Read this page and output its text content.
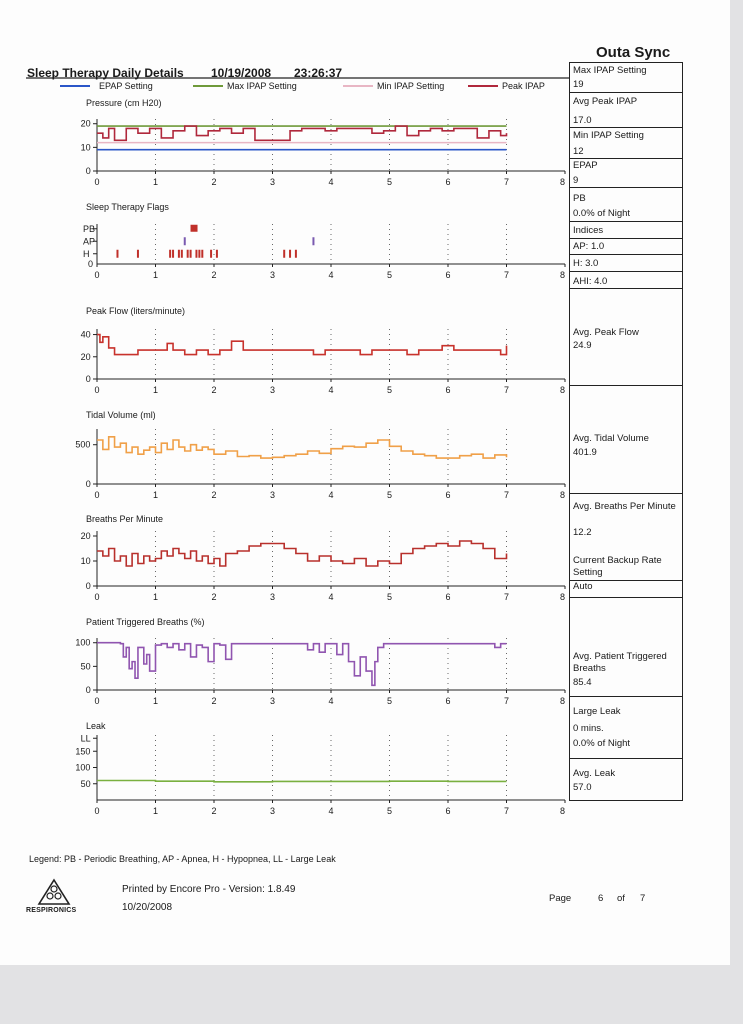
Outa Sync
Sleep Therapy Daily Details 10/19/2008 23:26:37
EPAP Setting	Max IPAP Setting	Min IPAP Setting	Peak IPAP
Pressure (cm H20)
0	1	2	3	4	5	6	7	8
0
10
20
Sleep Therapy Flags
0	1	2	3	4	5	6	7	8
PB
AP
H
0
Peak Flow (liters/minute)
0	1	2	3	4	5	6	7	8
0
20
40
Tidal Volume (ml)
0	1	2	3	4	5	6	7	8
0
500
Breaths Per Minute
0	1	2	3	4	5	6	7	8
0
10
20
Patient Triggered Breaths (%)
0	1	2	3	4	5	6	7	8
0
50
100
Leak
0	1	2	3	4	5	6	7	8
50
100
150
LL
Max IPAP Setting
19
Avg Peak IPAP
17.0
Min IPAP Setting
12
EPAP
9
PB
0.0% of Night
Indices
AP: 1.0
H: 3.0
AHI: 4.0
Avg. Peak Flow
24.9
Avg. Tidal Volume
401.9
Avg. Breaths Per Minute
12.2
Current Backup Rate Setting
Auto
Avg. Patient Triggered Breaths
85.4
Large Leak
0 mins.
0.0% of Night
Avg. Leak
57.0
Legend: PB - Periodic Breathing, AP - Apnea, H - Hypopnea, LL - Large Leak
RESPIRONICS
Printed by Encore Pro - Version: 1.8.49
10/20/2008
Page	6 of 7
